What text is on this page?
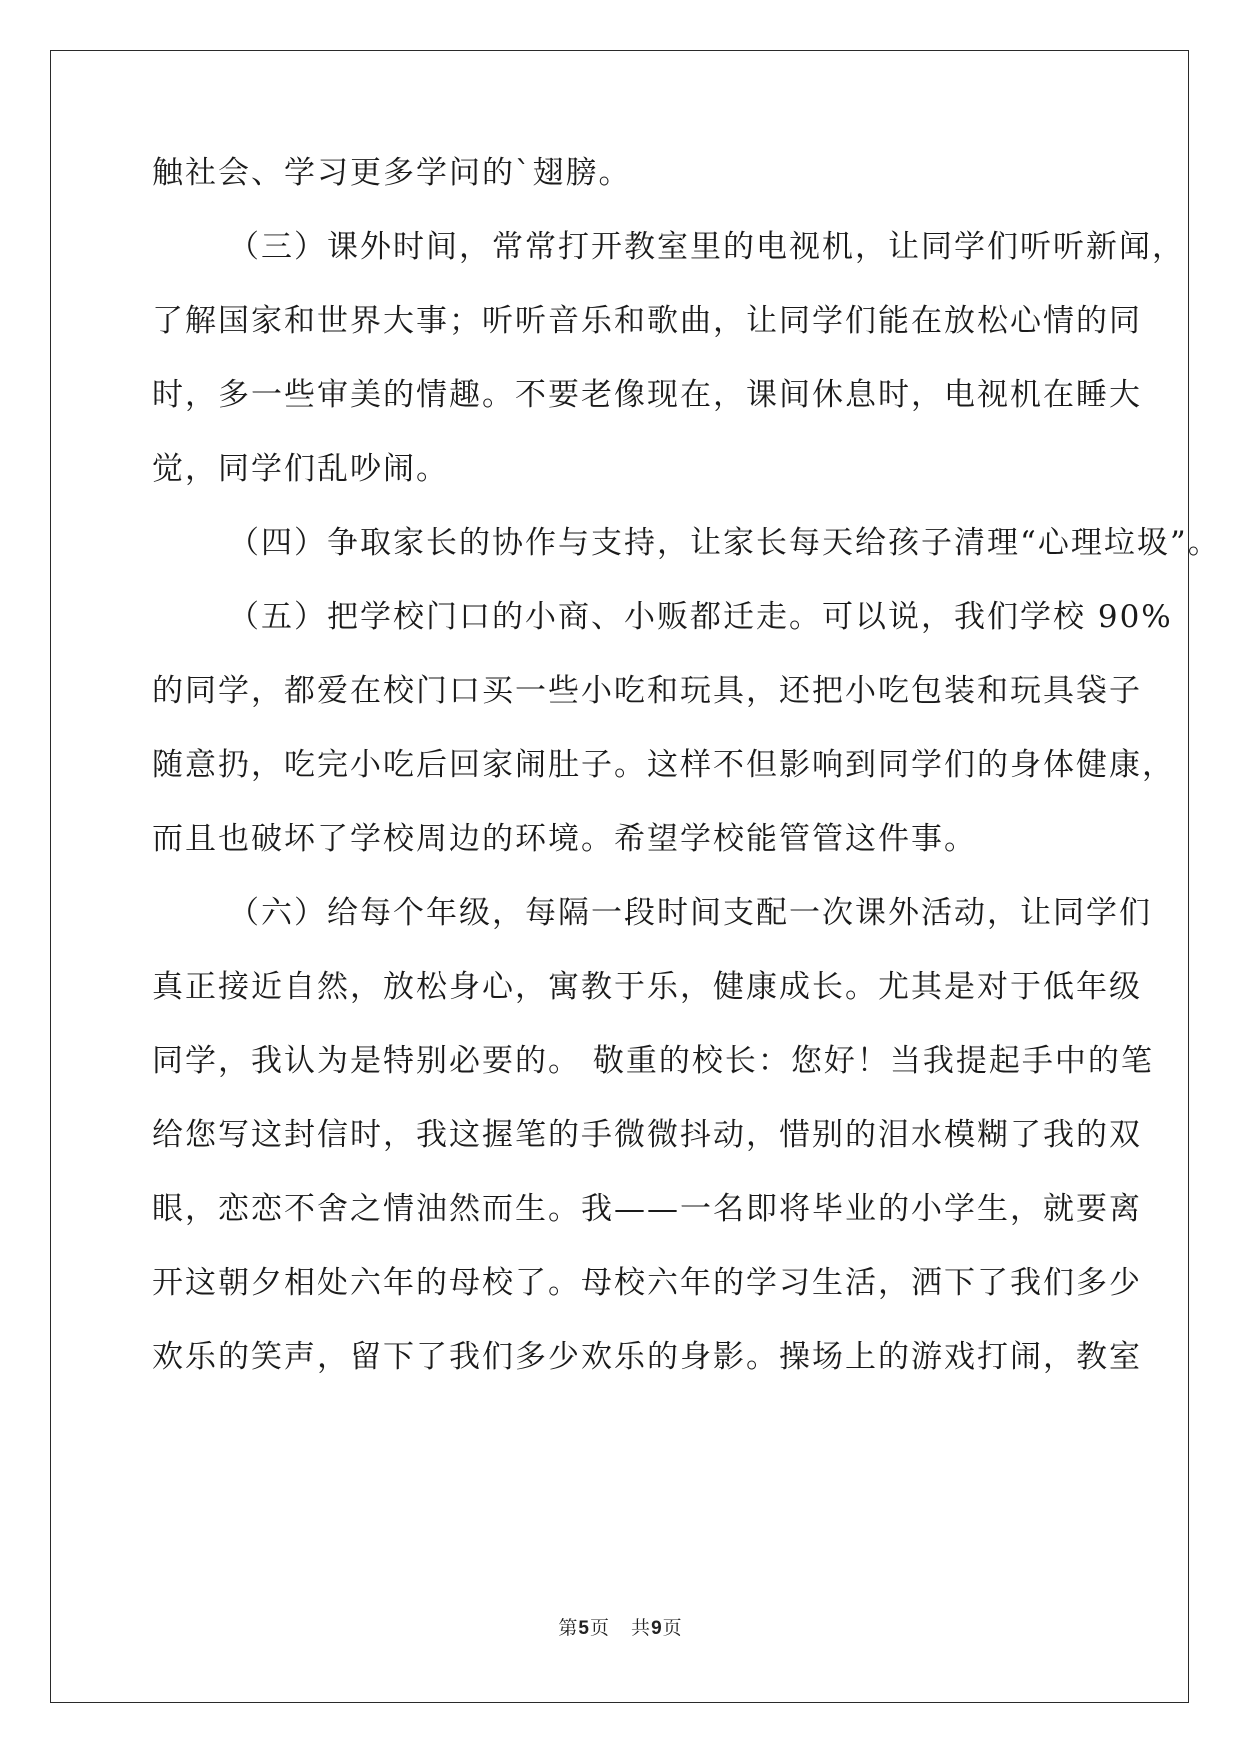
触社会、学习更多学问的`翅膀。
（三）课外时间，常常打开教室里的电视机，让同学们听听新闻，
了解国家和世界大事；听听音乐和歌曲，让同学们能在放松心情的同
时，多一些审美的情趣。不要老像现在，课间休息时，电视机在睡大
觉，同学们乱吵闹。
（四）争取家长的协作与支持，让家长每天给孩子清理“心理垃圾”。
（五）把学校门口的小商、小贩都迁走。可以说，我们学校 90%
的同学，都爱在校门口买一些小吃和玩具，还把小吃包装和玩具袋子
随意扔，吃完小吃后回家闹肚子。这样不但影响到同学们的身体健康，
而且也破坏了学校周边的环境。希望学校能管管这件事。
（六）给每个年级，每隔一段时间支配一次课外活动，让同学们
真正接近自然，放松身心，寓教于乐，健康成长。尤其是对于低年级
同学，我认为是特别必要的。 敬重的校长：您好！当我提起手中的笔
给您写这封信时，我这握笔的手微微抖动，惜别的泪水模糊了我的双
眼，恋恋不舍之情油然而生。我——一名即将毕业的小学生，就要离
开这朝夕相处六年的母校了。母校六年的学习生活，洒下了我们多少
欢乐的笑声，留下了我们多少欢乐的身影。操场上的游戏打闹，教室
第5页   共9页
